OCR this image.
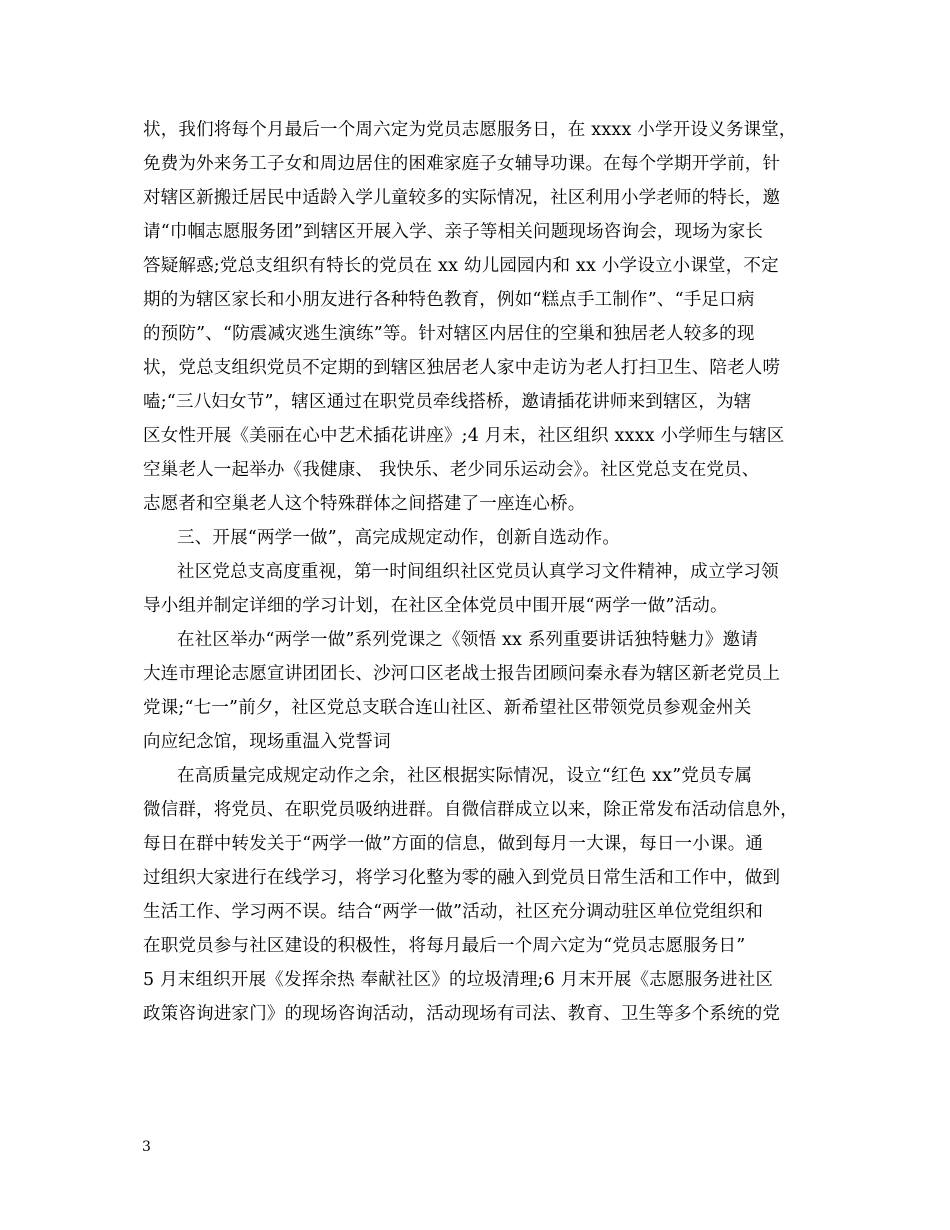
状，我们将每个月最后一个周六定为党员志愿服务日，在 xxxx 小学开设义务课堂，
免费为外来务工子女和周边居住的困难家庭子女辅导功课。在每个学期开学前，针
对辖区新搬迁居民中适龄入学儿童较多的实际情况，社区利用小学老师的特长，邀
请“巾帼志愿服务团”到辖区开展入学、亲子等相关问题现场咨询会，现场为家长
答疑解惑;党总支组织有特长的党员在 xx 幼儿园园内和 xx 小学设立小课堂，不定
期的为辖区家长和小朋友进行各种特色教育，例如“糕点手工制作”、“手足口病
的预防”、“防震减灾逃生演练”等。针对辖区内居住的空巢和独居老人较多的现
状，党总支组织党员不定期的到辖区独居老人家中走访为老人打扫卫生、陪老人唠
嗑;“三八妇女节”，辖区通过在职党员牵线搭桥，邀请插花讲师来到辖区，为辖
区女性开展《美丽在心中艺术插花讲座》;4 月末，社区组织 xxxx 小学师生与辖区
空巢老人一起举办《我健康、 我快乐、老少同乐运动会》。社区党总支在党员、
志愿者和空巢老人这个特殊群体之间搭建了一座连心桥。
三、开展“两学一做”，高完成规定动作，创新自选动作。
社区党总支高度重视，第一时间组织社区党员认真学习文件精神，成立学习领
导小组并制定详细的学习计划，在社区全体党员中围开展“两学一做”活动。
在社区举办“两学一做”系列党课之《领悟 xx 系列重要讲话独特魅力》邀请
大连市理论志愿宣讲团团长、沙河口区老战士报告团顾问秦永春为辖区新老党员上
党课;“七一”前夕，社区党总支联合连山社区、新希望社区带领党员参观金州关
向应纪念馆，现场重温入党誓词
在高质量完成规定动作之余，社区根据实际情况，设立“红色 xx”党员专属
微信群，将党员、在职党员吸纳进群。自微信群成立以来，除正常发布活动信息外，
每日在群中转发关于“两学一做”方面的信息，做到每月一大课，每日一小课。通
过组织大家进行在线学习，将学习化整为零的融入到党员日常生活和工作中，做到
生活工作、学习两不误。结合“两学一做”活动，社区充分调动驻区单位党组织和
在职党员参与社区建设的积极性，将每月最后一个周六定为“党员志愿服务日”
5 月末组织开展《发挥余热 奉献社区》的垃圾清理;6 月末开展《志愿服务进社区
政策咨询进家门》的现场咨询活动，活动现场有司法、教育、卫生等多个系统的党
3
